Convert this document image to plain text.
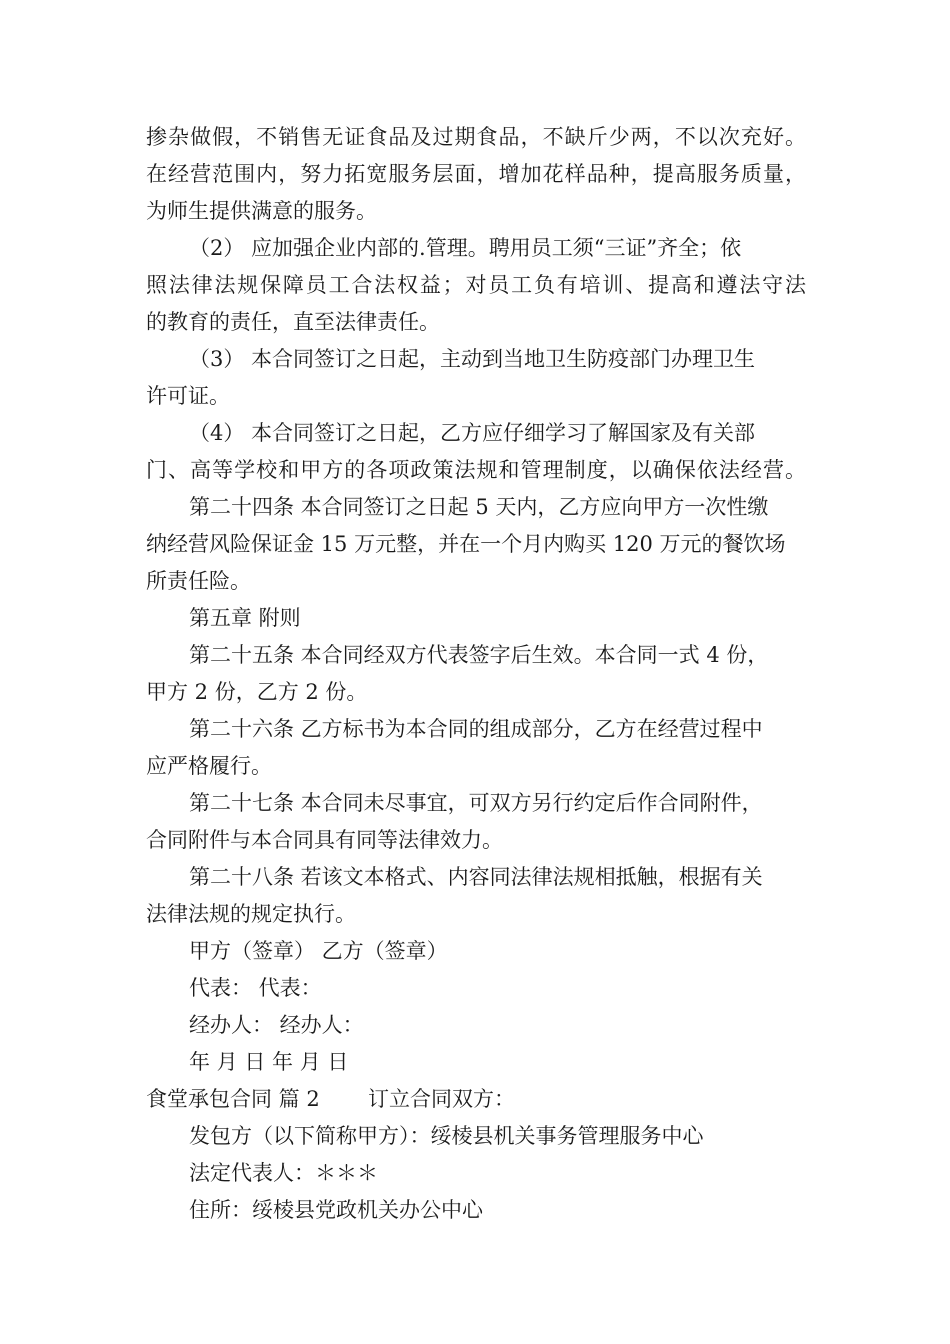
掺杂做假，不销售无证食品及过期食品，不缺斤少两，不以次充好。
在经营范围内，努力拓宽服务层面，增加花样品种，提高服务质量，
为师生提供满意的服务。
（2） 应加强企业内部的.管理。聘用员工须“三证”齐全；依
照法律法规保障员工合法权益；对员工负有培训、提高和遵法守法
的教育的责任，直至法律责任。
（3） 本合同签订之日起，主动到当地卫生防疫部门办理卫生
许可证。
（4） 本合同签订之日起，乙方应仔细学习了解国家及有关部
门、高等学校和甲方的各项政策法规和管理制度，以确保依法经营。
第二十四条 本合同签订之日起 5 天内，乙方应向甲方一次性缴
纳经营风险保证金 15 万元整，并在一个月内购买 120 万元的餐饮场
所责任险。
第五章 附则
第二十五条 本合同经双方代表签字后生效。本合同一式 4 份，
甲方 2 份，乙方 2 份。
第二十六条 乙方标书为本合同的组成部分，乙方在经营过程中
应严格履行。
第二十七条 本合同未尽事宜，可双方另行约定后作合同附件，
合同附件与本合同具有同等法律效力。
第二十八条 若该文本格式、内容同法律法规相抵触，根据有关
法律法规的规定执行。
甲方（签章） 乙方（签章）
代表： 代表：
经办人： 经办人：
年 月 日 年 月 日
食堂承包合同 篇 2 订立合同双方：
发包方（以下简称甲方）：绥棱县机关事务管理服务中心
法定代表人：＊＊＊
住所：绥棱县党政机关办公中心
